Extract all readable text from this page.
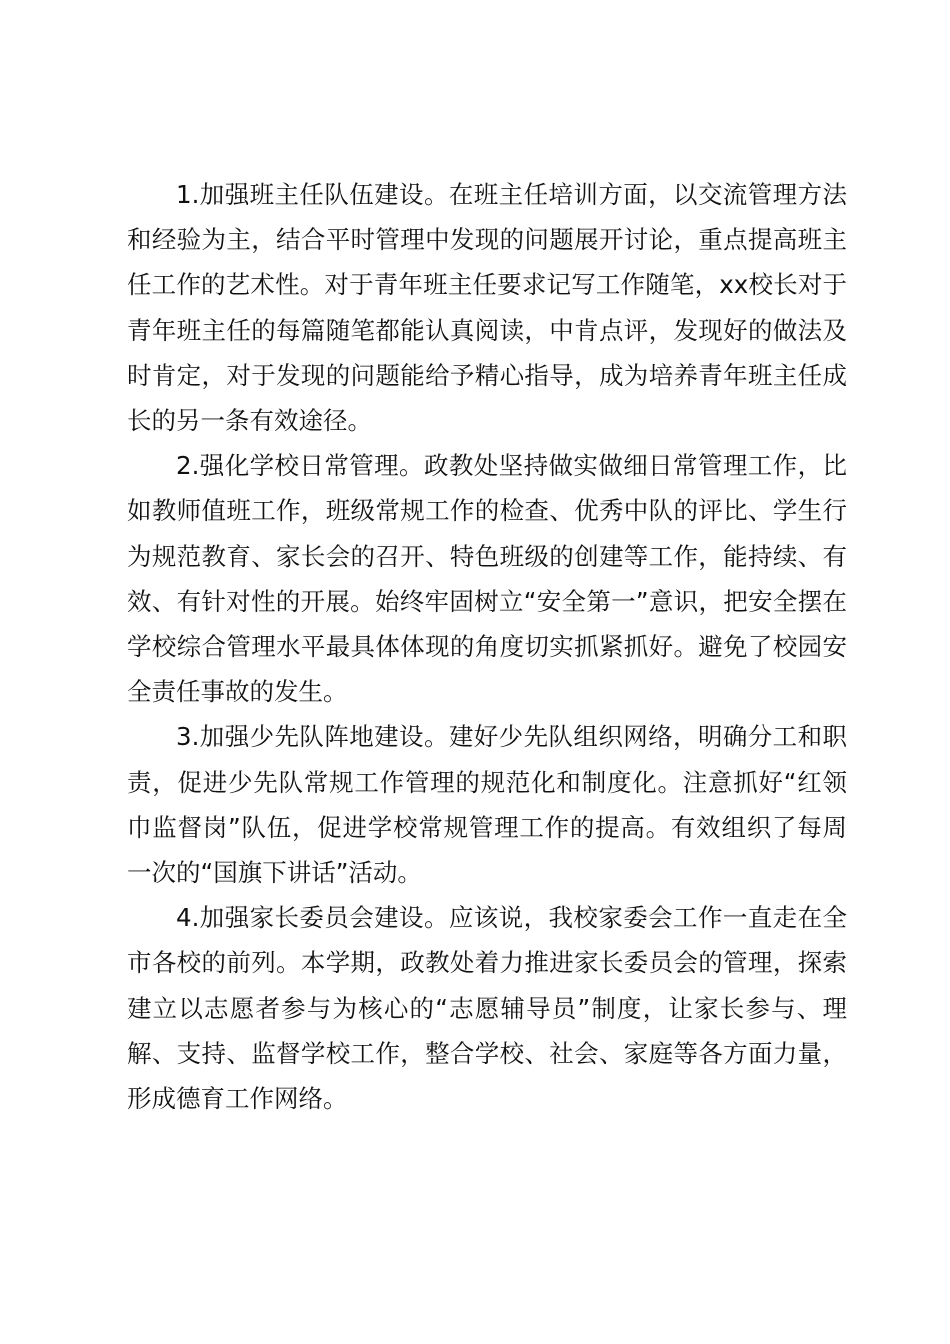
1.加强班主任队伍建设。在班主任培训方面，以交流管理方法和经验为主，结合平时管理中发现的问题展开讨论，重点提高班主任工作的艺术性。对于青年班主任要求记写工作随笔，xx校长对于青年班主任的每篇随笔都能认真阅读，中肯点评，发现好的做法及时肯定，对于发现的问题能给予精心指导，成为培养青年班主任成长的另一条有效途径。

2.强化学校日常管理。政教处坚持做实做细日常管理工作，比如教师值班工作，班级常规工作的检查、优秀中队的评比、学生行为规范教育、家长会的召开、特色班级的创建等工作，能持续、有效、有针对性的开展。始终牢固树立“安全第一”意识，把安全摆在学校综合管理水平最具体体现的角度切实抓紧抓好。避免了校园安全责任事故的发生。

3.加强少先队阵地建设。建好少先队组织网络，明确分工和职责，促进少先队常规工作管理的规范化和制度化。注意抓好“红领巾监督岗”队伍，促进学校常规管理工作的提高。有效组织了每周一次的“国旗下讲话”活动。

4.加强家长委员会建设。应该说，我校家委会工作一直走在全市各校的前列。本学期，政教处着力推进家长委员会的管理，探索建立以志愿者参与为核心的“志愿辅导员”制度，让家长参与、理解、支持、监督学校工作，整合学校、社会、家庭等各方面力量，形成德育工作网络。
